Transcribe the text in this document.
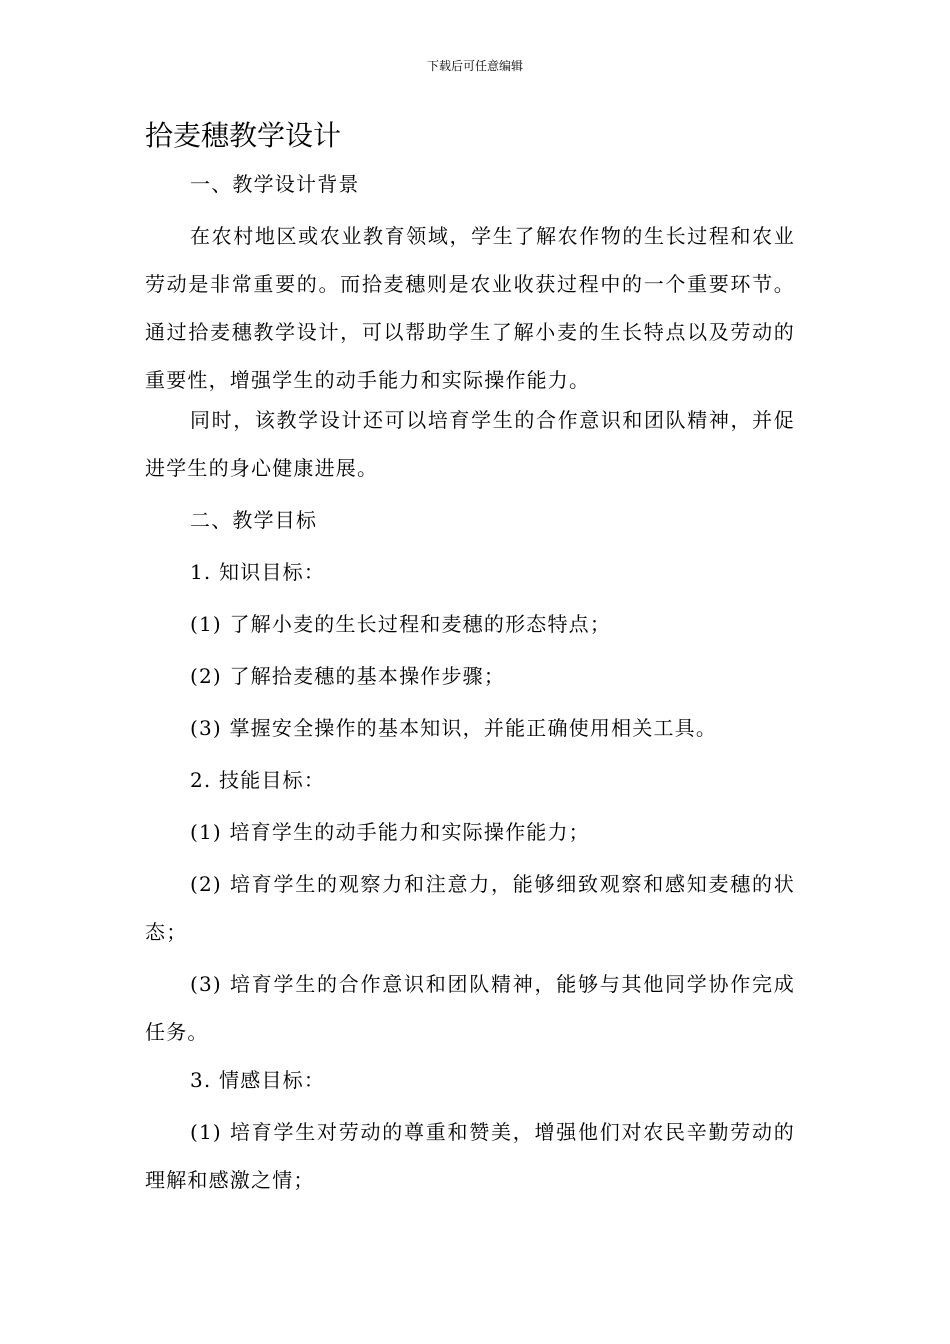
下载后可任意编辑
拾麦穗教学设计

一、教学设计背景

在农村地区或农业教育领域，学生了解农作物的生长过程和农业劳动是非常重要的。而拾麦穗则是农业收获过程中的一个重要环节。通过拾麦穗教学设计，可以帮助学生了解小麦的生长特点以及劳动的重要性，增强学生的动手能力和实际操作能力。

同时，该教学设计还可以培育学生的合作意识和团队精神，并促进学生的身心健康进展。

二、教学目标

1. 知识目标：

(1) 了解小麦的生长过程和麦穗的形态特点；

(2) 了解拾麦穗的基本操作步骤；

(3) 掌握安全操作的基本知识，并能正确使用相关工具。

2. 技能目标：

(1) 培育学生的动手能力和实际操作能力；

(2) 培育学生的观察力和注意力，能够细致观察和感知麦穗的状态；

(3) 培育学生的合作意识和团队精神，能够与其他同学协作完成任务。

3. 情感目标：

(1) 培育学生对劳动的尊重和赞美，增强他们对农民辛勤劳动的理解和感激之情；
